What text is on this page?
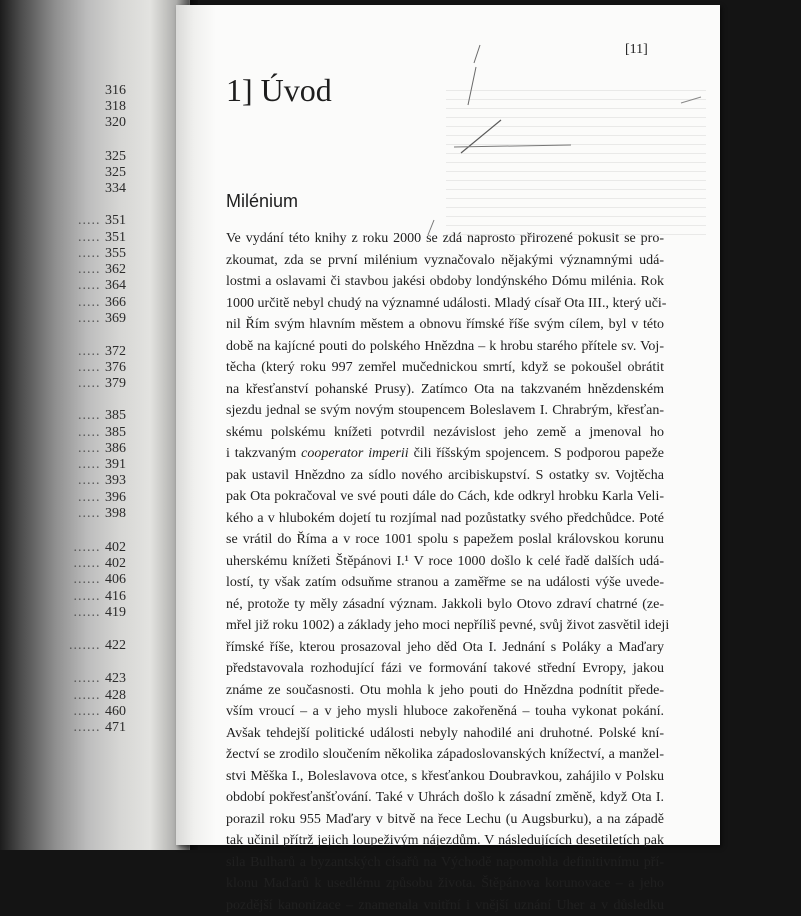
316
318
320
325
325
334
..... 351
..... 351
..... 355
..... 362
..... 364
..... 366
..... 369
..... 372
..... 376
..... 379
..... 385
..... 385
..... 386
..... 391
..... 393
..... 396
..... 398
...... 402
...... 402
...... 406
...... 416
...... 419
....... 422
...... 423
...... 428
...... 460
...... 471
[11]
1] Úvod
Milénium
Ve vydání této knihy z roku 2000 se zdá naprosto přirozené pokusit se pro-
zkoumat, zda se první milénium vyznačovalo nějakými významnými udá-
lostmi a oslavami či stavbou jakési obdoby londýnského Dómu milénia. Rok
1000 určitě nebyl chudý na významné události. Mladý císař Ota III., který uči-
nil Řím svým hlavním městem a obnovu římské říše svým cílem, byl v této
době na kajícné pouti do polského Hnězdna – k hrobu starého přítele sv. Voj-
těcha (který roku 997 zemřel mučednickou smrtí, když se pokoušel obrátit
na křesťanství pohanské Prusy). Zatímco Ota na takzvaném hnězdenském
sjezdu jednal se svým novým stoupencem Boleslavem I. Chrabrým, křesťan-
skému polskému knížeti potvrdil nezávislost jeho země a jmenoval ho
i takzvaným cooperator imperii čili říšským spojencem. S podporou papeže
pak ustavil Hnězdno za sídlo nového arcibiskupství. S ostatky sv. Vojtěcha
pak Ota pokračoval ve své pouti dále do Cách, kde odkryl hrobku Karla Veli-
kého a v hlubokém dojetí tu rozjímal nad pozůstatky svého předchůdce. Poté
se vrátil do Říma a v roce 1001 spolu s papežem poslal královskou korunu
uherskému knížeti Štěpánovi I.¹ V roce 1000 došlo k celé řadě dalších udá-
lostí, ty však zatím odsuňme stranou a zaměřme se na události výše uvede-
né, protože ty měly zásadní význam. Jakkoli bylo Otovo zdraví chatrné (ze-
mřel již roku 1002) a základy jeho moci nepříliš pevné, svůj život zasvětil ideji
římské říše, kterou prosazoval jeho děd Ota I. Jednání s Poláky a Maďary
představovala rozhodující fázi ve formování takové střední Evropy, jakou
známe ze současnosti. Otu mohla k jeho pouti do Hnězdna podnítit přede-
vším vroucí – a v jeho mysli hluboce zakořeněná – touha vykonat pokání.
Avšak tehdejší politické události nebyly nahodilé ani druhotné. Polské kní-
žectví se zrodilo sloučením několika západoslovanských knížectví, a manžel-
stvi Měška I., Boleslavova otce, s křesťankou Doubravkou, zahájilo v Polsku
období pokřesťanšťování. Také v Uhrách došlo k zásadní změně, když Ota I.
porazil roku 955 Maďary v bitvě na řece Lechu (u Augsburku), a na západě
tak učinil přítrž jejich loupeživým nájezdům. V následujících desetiletích pak
sila Bulharů a byzantských císařů na Východě napomohla definitivnímu pří-
klonu Maďarů k usedlému způsobu života. Štěpánova korunovace – a jeho
pozdější kanonizace – znamenala vnitřní i vnější uznání Uher a v důsledku
